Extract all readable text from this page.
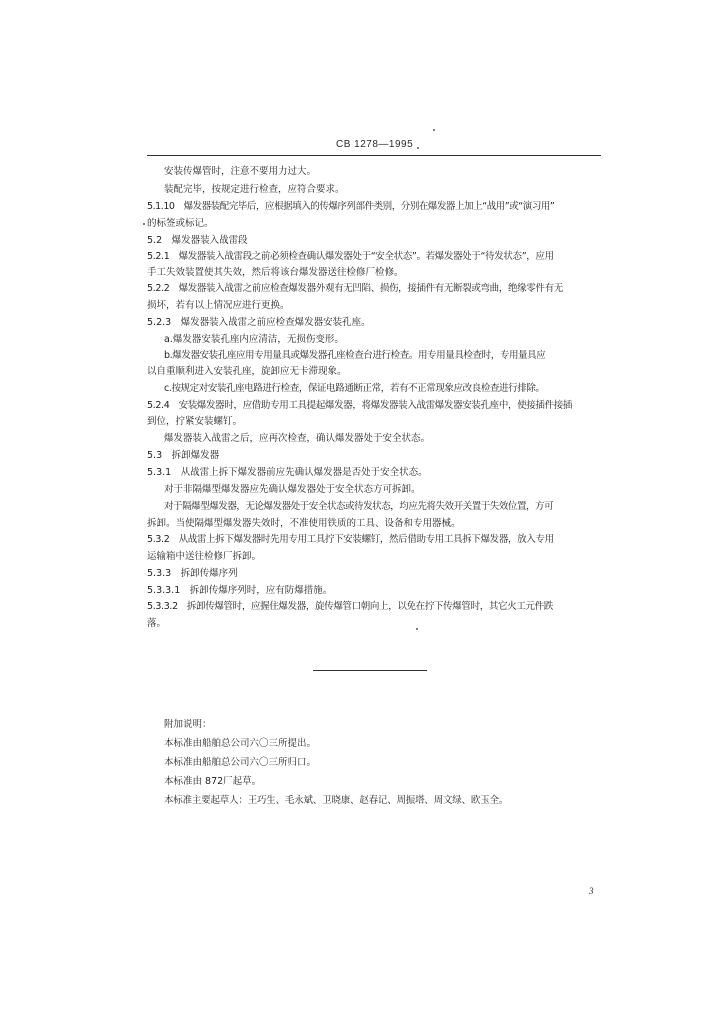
CB 1278—1995
安装传爆管时，注意不要用力过大。
装配完毕，按规定进行检查，应符合要求。
5.1.10　爆发器装配完毕后，应根据填入的传爆序列部件类别，分别在爆发器上加上“战用”或“演习用”
的标签或标记。
5.2　爆发器装入战雷段
5.2.1　爆发器装入战雷段之前必须检查确认爆发器处于“安全状态”。若爆发器处于“待发状态”，应用
手工失效装置使其失效，然后将该台爆发器送往检修厂检修。
5.2.2　爆发器装入战雷之前应检查爆发器外观有无凹陷、损伤，接插件有无断裂或弯曲，绝缘零件有无
损坏，若有以上情况应进行更换。
5.2.3　爆发器装入战雷之前应检查爆发器安装孔座。
a.爆发器安装孔座内应清洁，无损伤变形。
b.爆发器安装孔座应用专用量具或爆发器孔座检查台进行检查。用专用量具检查时，专用量具应
以自重顺利进入安装孔座，旋卸应无卡滞现象。
c.按规定对安装孔座电路进行检查，保证电路通断正常，若有不正常现象应改良检查进行排除。
5.2.4　安装爆发器时，应借助专用工具提起爆发器，将爆发器装入战雷爆发器安装孔座中，使接插件接插
到位，拧紧安装螺钉。
爆发器装入战雷之后，应再次检查，确认爆发器处于安全状态。
5.3　拆卸爆发器
5.3.1　从战雷上拆下爆发器前应先确认爆发器是否处于安全状态。
对于非隔爆型爆发器应先确认爆发器处于安全状态方可拆卸。
对于隔爆型爆发器，无论爆发器处于安全状态或待发状态，均应先将失效开关置于失效位置，方可
拆卸。当使隔爆型爆发器失效时，不准使用铁质的工具、设备和专用器械。
5.3.2　从战雷上拆下爆发器时先用专用工具拧下安装螺钉，然后借助专用工具拆下爆发器，放入专用
运输箱中送往检修厂拆卸。
5.3.3　拆卸传爆序列
5.3.3.1　拆卸传爆序列时，应有防爆措施。
5.3.3.2　拆卸传爆管时，应握住爆发器，旋传爆管口朝向上，以免在拧下传爆管时，其它火工元件跌
落。
附加说明：
本标准由船舶总公司六〇三所提出。
本标准由船舶总公司六〇三所归口。
本标准由 872厂起草。
本标准主要起草人：王巧生、毛永斌、卫晓康、赵春记、周振塔、周文绿、欧玉全。
3
